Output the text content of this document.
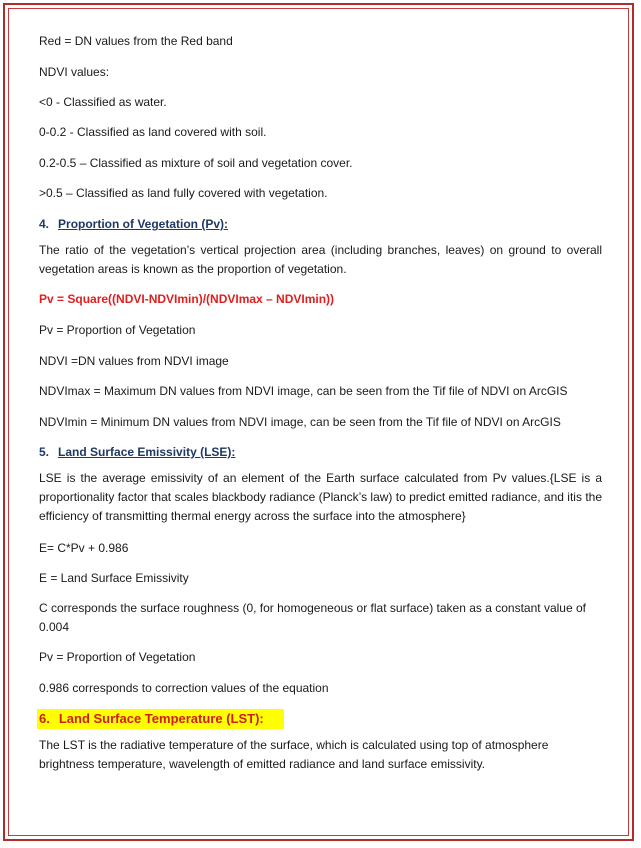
Red = DN values from the Red band

NDVI values:

<0 - Classified as water.

0-0.2 - Classified as land covered with soil.

0.2-0.5 – Classified as mixture of soil and vegetation cover.

>0.5 – Classified as land fully covered with vegetation.

4. Proportion of Vegetation (Pv):

The ratio of the vegetation’s vertical projection area (including branches, leaves) on ground to overall vegetation areas is known as the proportion of vegetation.

Pv = Square((NDVI-NDVImin)/(NDVImax – NDVImin))

Pv = Proportion of Vegetation

NDVI =DN values from NDVI image

NDVImax = Maximum DN values from NDVI image, can be seen from the Tif file of NDVI on ArcGIS

NDVImin = Minimum DN values from NDVI image, can be seen from the Tif file of NDVI on ArcGIS

5. Land Surface Emissivity (LSE):

LSE is the average emissivity of an element of the Earth surface calculated from Pv values.{LSE is a proportionality factor that scales blackbody radiance (Planck’s law) to predict emitted radiance, and itis the efficiency of transmitting thermal energy across the surface into the atmosphere}

E= C*Pv + 0.986

E = Land Surface Emissivity

C corresponds the surface roughness (0, for homogeneous or flat surface) taken as a constant value of 0.004

Pv = Proportion of Vegetation

0.986 corresponds to correction values of the equation

6. Land Surface Temperature (LST):

The LST is the radiative temperature of the surface, which is calculated using top of atmosphere brightness temperature, wavelength of emitted radiance and land surface emissivity.
